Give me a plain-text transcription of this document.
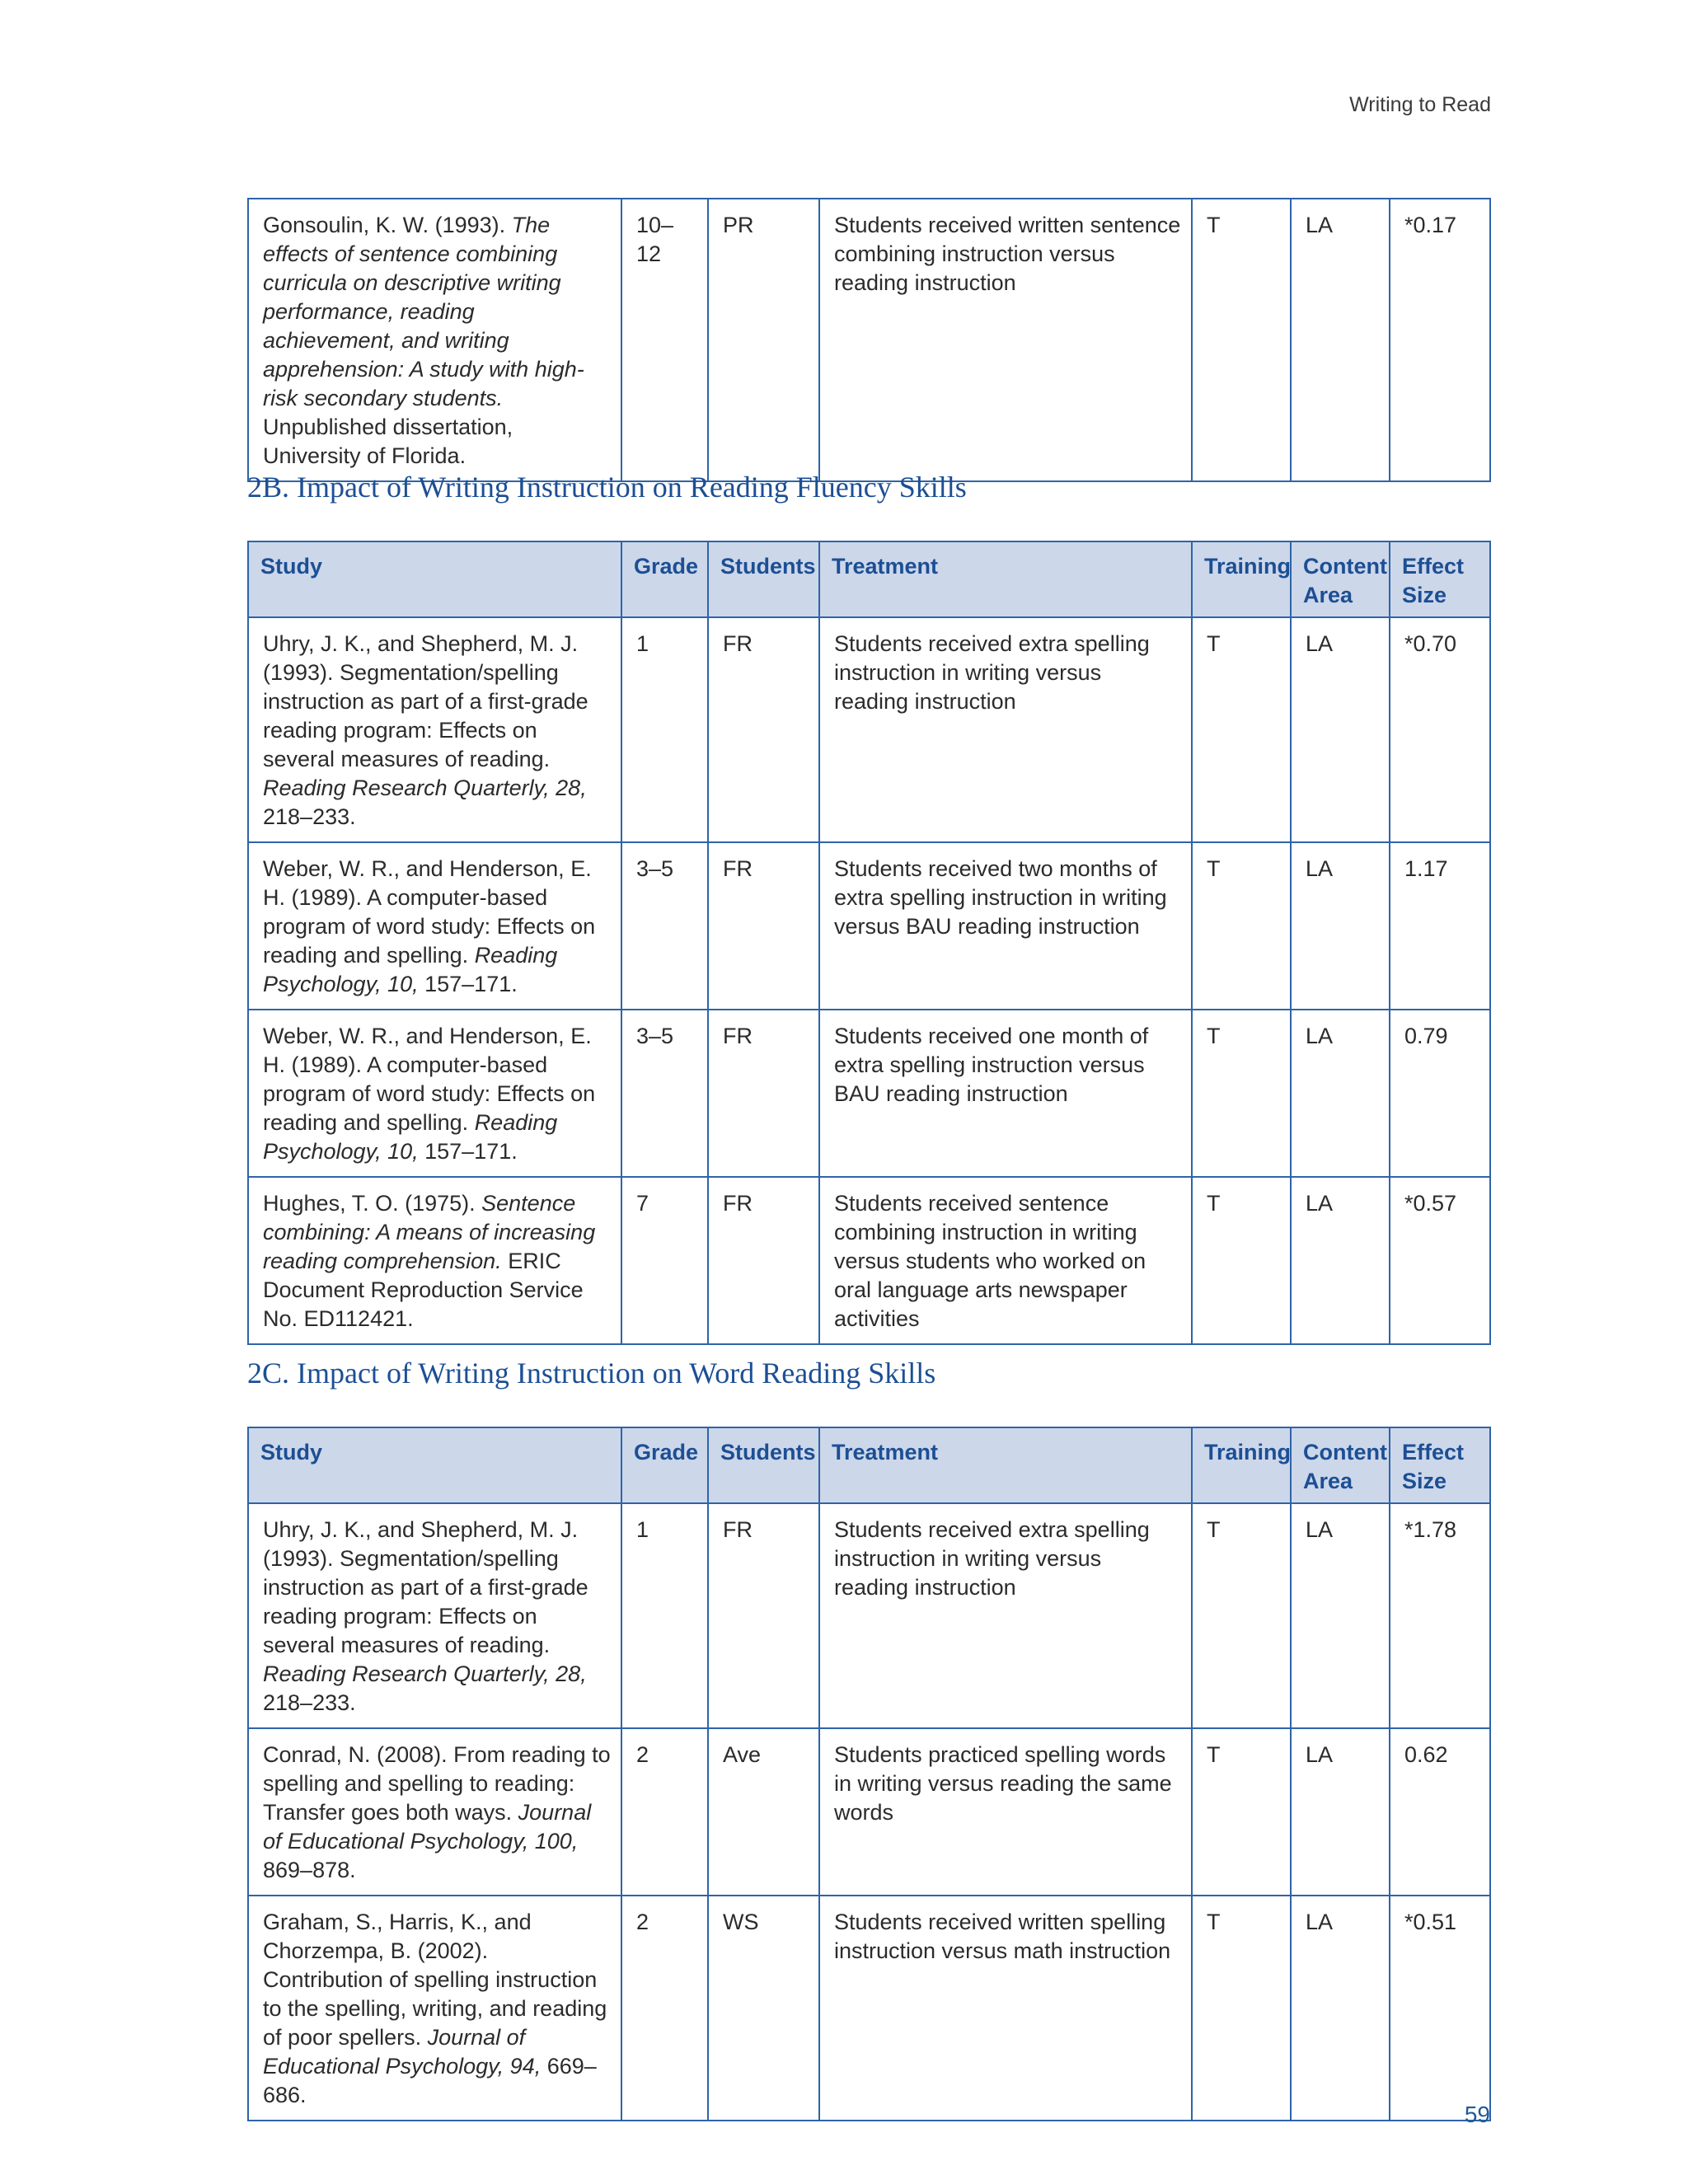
Writing to Read
Gonsoulin, K. W. (1993). The effects of sentence combining curricula on descriptive writing performance, reading achievement, and writing apprehension: A study with high-risk secondary students. Unpublished dissertation, University of Florida.	10–12	PR	Students received written sentence combining instruction versus reading instruction	T	LA	*0.17
2B. Impact of Writing Instruction on Reading Fluency Skills
Study	Grade	Students	Treatment	Training	Content Area	Effect Size
Uhry, J. K., and Shepherd, M. J. (1993). Segmentation/spelling instruction as part of a first-grade reading program: Effects on several measures of reading. Reading Research Quarterly, 28, 218–233.	1	FR	Students received extra spelling instruction in writing versus reading instruction	T	LA	*0.70
Weber, W. R., and Henderson, E. H. (1989). A computer-based program of word study: Effects on reading and spelling. Reading Psychology, 10, 157–171.	3–5	FR	Students received two months of extra spelling instruction in writing versus BAU reading instruction	T	LA	1.17
Weber, W. R., and Henderson, E. H. (1989). A computer-based program of word study: Effects on reading and spelling. Reading Psychology, 10, 157–171.	3–5	FR	Students received one month of extra spelling instruction versus BAU reading instruction	T	LA	0.79
Hughes, T. O. (1975). Sentence combining: A means of increasing reading comprehension. ERIC Document Reproduction Service No. ED112421.	7	FR	Students received sentence combining instruction in writing versus students who worked on oral language arts newspaper activities	T	LA	*0.57
2C. Impact of Writing Instruction on Word Reading Skills
Study	Grade	Students	Treatment	Training	Content Area	Effect Size
Uhry, J. K., and Shepherd, M. J. (1993). Segmentation/spelling instruction as part of a first-grade reading program: Effects on several measures of reading. Reading Research Quarterly, 28, 218–233.	1	FR	Students received extra spelling instruction in writing versus reading instruction	T	LA	*1.78
Conrad, N. (2008). From reading to spelling and spelling to reading: Transfer goes both ways. Journal of Educational Psychology, 100, 869–878.	2	Ave	Students practiced spelling words in writing versus reading the same words	T	LA	0.62
Graham, S., Harris, K., and Chorzempa, B. (2002). Contribution of spelling instruction to the spelling, writing, and reading of poor spellers. Journal of Educational Psychology, 94, 669–686.	2	WS	Students received written spelling instruction versus math instruction	T	LA	*0.51
59
